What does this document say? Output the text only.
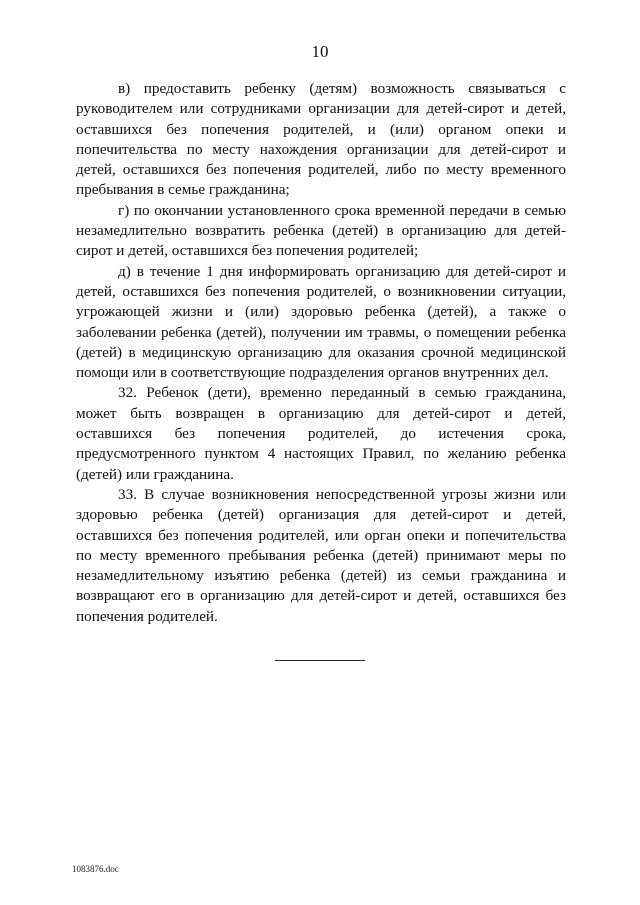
10

в) предоставить ребенку (детям) возможность связываться с руководителем или сотрудниками организации для детей-сирот и детей, оставшихся без попечения родителей, и (или) органом опеки и попечительства по месту нахождения организации для детей-сирот и детей, оставшихся без попечения родителей, либо по месту временного пребывания в семье гражданина;

г) по окончании установленного срока временной передачи в семью незамедлительно возвратить ребенка (детей) в организацию для детей-сирот и детей, оставшихся без попечения родителей;

д) в течение 1 дня информировать организацию для детей-сирот и детей, оставшихся без попечения родителей, о возникновении ситуации, угрожающей жизни и (или) здоровью ребенка (детей), а также о заболевании ребенка (детей), получении им травмы, о помещении ребенка (детей) в медицинскую организацию для оказания срочной медицинской помощи или в соответствующие подразделения органов внутренних дел.

32. Ребенок (дети), временно переданный в семью гражданина, может быть возвращен в организацию для детей-сирот и детей, оставшихся без попечения родителей, до истечения срока, предусмотренного пунктом 4 настоящих Правил, по желанию ребенка (детей) или гражданина.

33. В случае возникновения непосредственной угрозы жизни или здоровью ребенка (детей) организация для детей-сирот и детей, оставшихся без попечения родителей, или орган опеки и попечительства по месту временного пребывания ребенка (детей) принимают меры по незамедлительному изъятию ребенка (детей) из семьи гражданина и возвращают его в организацию для детей-сирот и детей, оставшихся без попечения родителей.

1083876.doc
